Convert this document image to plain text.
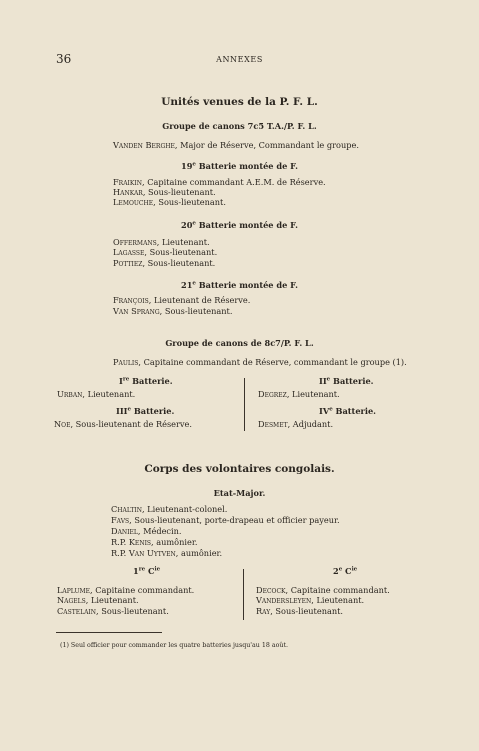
36	ANNEXES
Unités venues de la P. F. L.
Groupe de canons 7c5 T.A./P. F. L.
Vanden Berghe, Major de Réserve, Commandant le groupe.
19e Batterie montée de F.
Fraikin, Capitaine commandant A.E.M. de Réserve.
Hankar, Sous-lieutenant.
Lemouche, Sous-lieutenant.
20e Batterie montée de F.
Offermans, Lieutenant.
Lagasse, Sous-lieutenant.
Pottiez, Sous-lieutenant.
21e Batterie montée de F.
François, Lieutenant de Réserve.
Van Sprang, Sous-lieutenant.
Groupe de canons de 8c7/P. F. L.
Paulis, Capitaine commandant de Réserve, commandant le groupe (1).
Ire Batterie.
Urban, Lieutenant.
IIIe Batterie.
Noe, Sous-lieutenant de Réserve.
IIe Batterie.
Degrez, Lieutenant.
IVe Batterie.
Desmet, Adjudant.
Corps des volontaires congolais.
Etat-Major.
Chaltin, Lieutenant-colonel.
Favs, Sous-lieutenant, porte-drapeau et officier payeur.
Daniel, Médecin.
R.P. Kenis, aumônier.
R.P. Van Uytven, aumônier.
1re $C^{ie}$
Laplume, Capitaine commandant.
Nagels, Lieutenant.
Castelain, Sous-lieutenant.
2e $C^{ie}$
Decock, Capitaine commandant.
Vandersleyen, Lieutenant.
Ray, Sous-lieutenant.
(1) Seul officier pour commander les quatre batteries jusqu'au 18 août.
